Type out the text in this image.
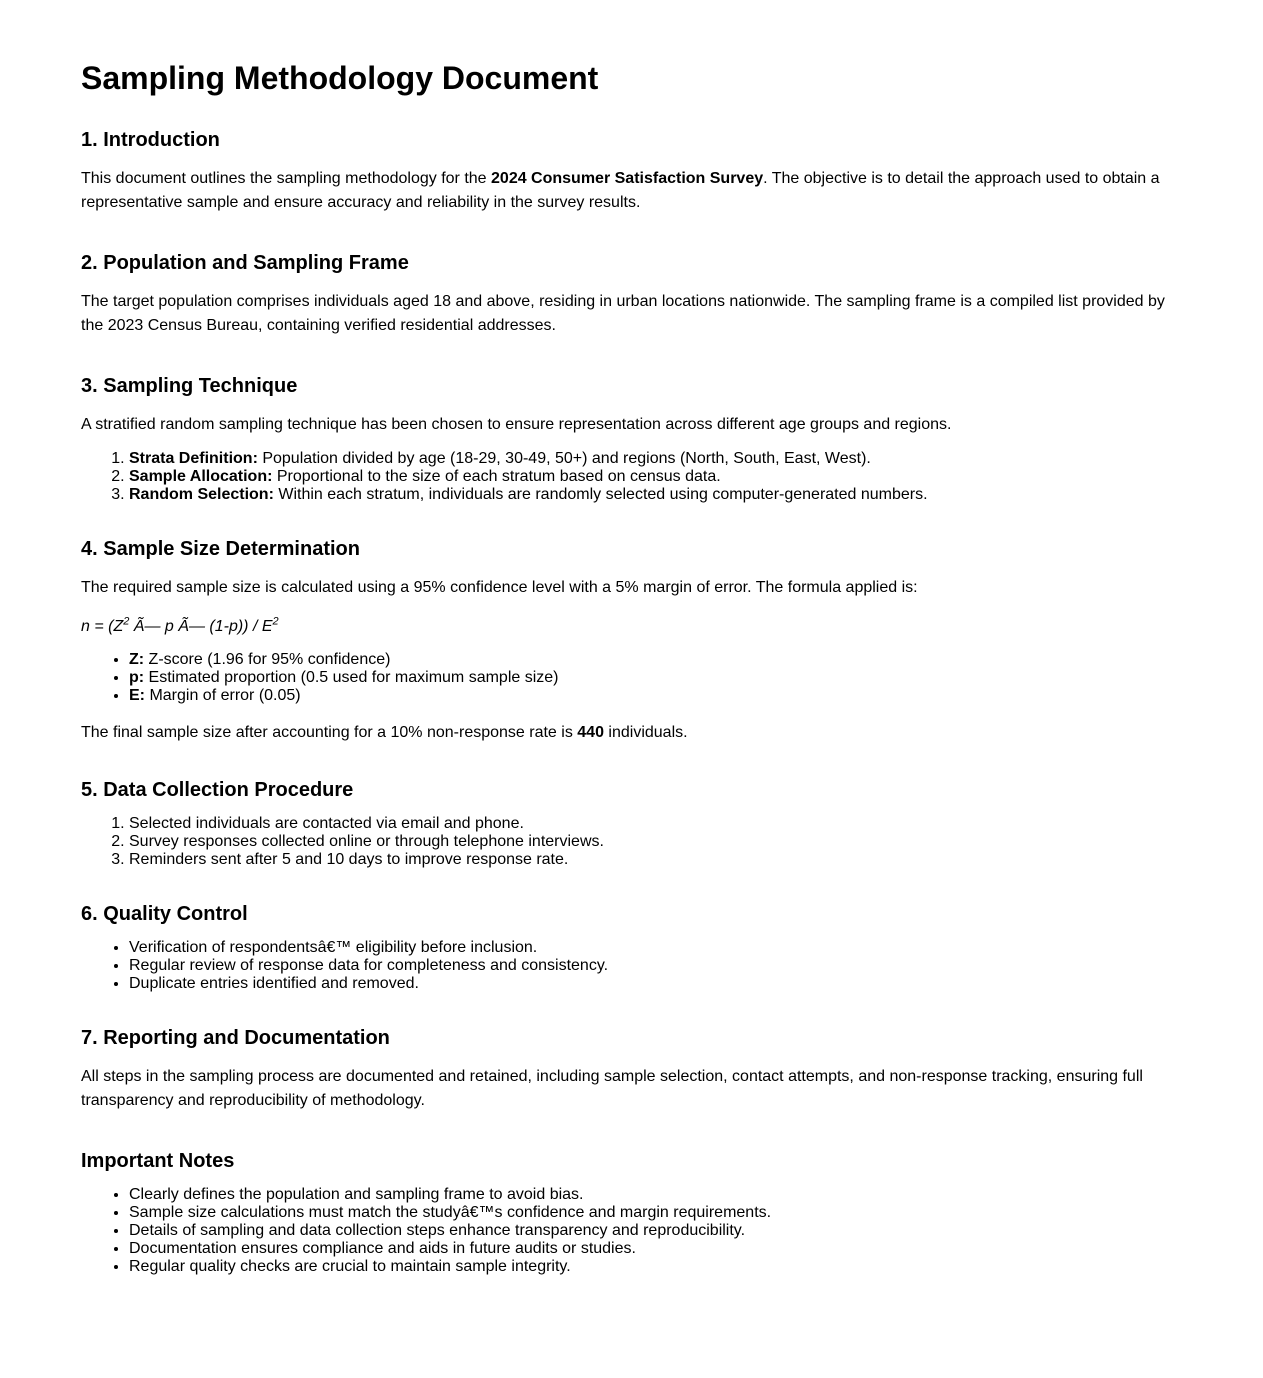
Sampling Methodology Document
1. Introduction

This document outlines the sampling methodology for the 2024 Consumer Satisfaction Survey. The objective is to detail the approach used to obtain a representative sample and ensure accuracy and reliability in the survey results.

2. Population and Sampling Frame

The target population comprises individuals aged 18 and above, residing in urban locations nationwide. The sampling frame is a compiled list provided by the 2023 Census Bureau, containing verified residential addresses.

3. Sampling Technique

A stratified random sampling technique has been chosen to ensure representation across different age groups and regions.

1. Strata Definition: Population divided by age (18-29, 30-49, 50+) and regions (North, South, East, West).
2. Sample Allocation: Proportional to the size of each stratum based on census data.
3. Random Selection: Within each stratum, individuals are randomly selected using computer-generated numbers.
4. Sample Size Determination

The required sample size is calculated using a 95% confidence level with a 5% margin of error. The formula applied is:

$n = (Z^2$ Ã— p Ã— $(1-p)) / E^2$

• Z: Z-score (1.96 for 95% confidence)
• p: Estimated proportion (0.5 used for maximum sample size)
• E: Margin of error (0.05)

The final sample size after accounting for a 10% non-response rate is 440 individuals.

5. Data Collection Procedure
1. Selected individuals are contacted via email and phone.
2. Survey responses collected online or through telephone interviews.
3. Reminders sent after 5 and 10 days to improve response rate.
6. Quality Control
• Verification of respondentsâ€™ eligibility before inclusion.
• Regular review of response data for completeness and consistency.
• Duplicate entries identified and removed.
7. Reporting and Documentation

All steps in the sampling process are documented and retained, including sample selection, contact attempts, and non-response tracking, ensuring full transparency and reproducibility of methodology.

Important Notes
• Clearly defines the population and sampling frame to avoid bias.
• Sample size calculations must match the studyâ€™s confidence and margin requirements.
• Details of sampling and data collection steps enhance transparency and reproducibility.
• Documentation ensures compliance and aids in future audits or studies.
• Regular quality checks are crucial to maintain sample integrity.
